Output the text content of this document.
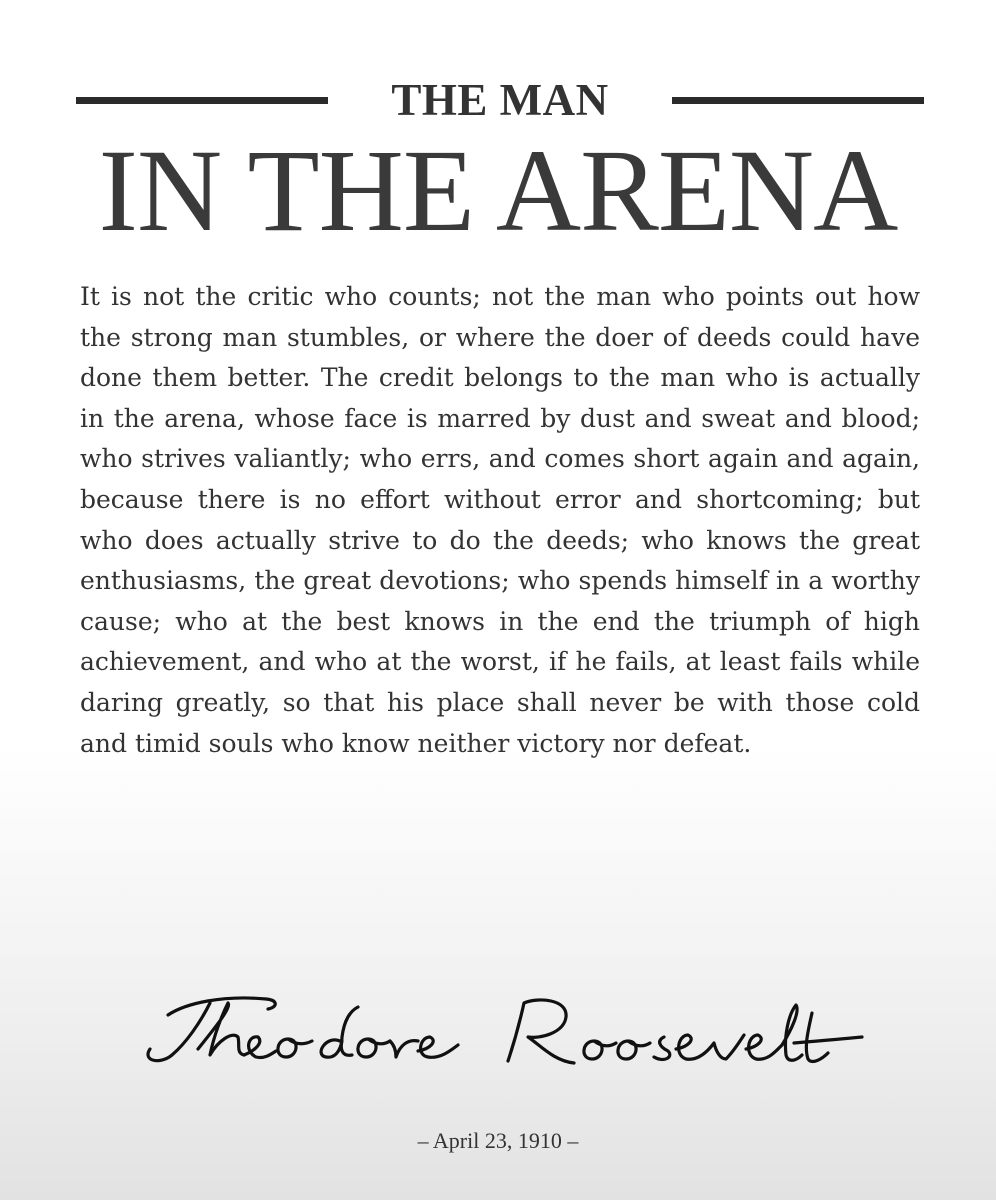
THE MAN
IN THE ARENA

It is not the critic who counts; not the man who points out how the strong man stumbles, or where the doer of deeds could have done them better. The credit belongs to the man who is actually in the arena, whose face is marred by dust and sweat and blood; who strives valiantly; who errs, and comes short again and again, because there is no effort without error and shortcoming; but who does actually strive to do the deeds; who knows the great enthusiasms, the great devotions; who spends himself in a worthy cause; who at the best knows in the end the triumph of high achievement, and who at the worst, if he fails, at least fails while daring greatly, so that his place shall never be with those cold and timid souls who know neither victory nor defeat.

– April 23, 1910 –
